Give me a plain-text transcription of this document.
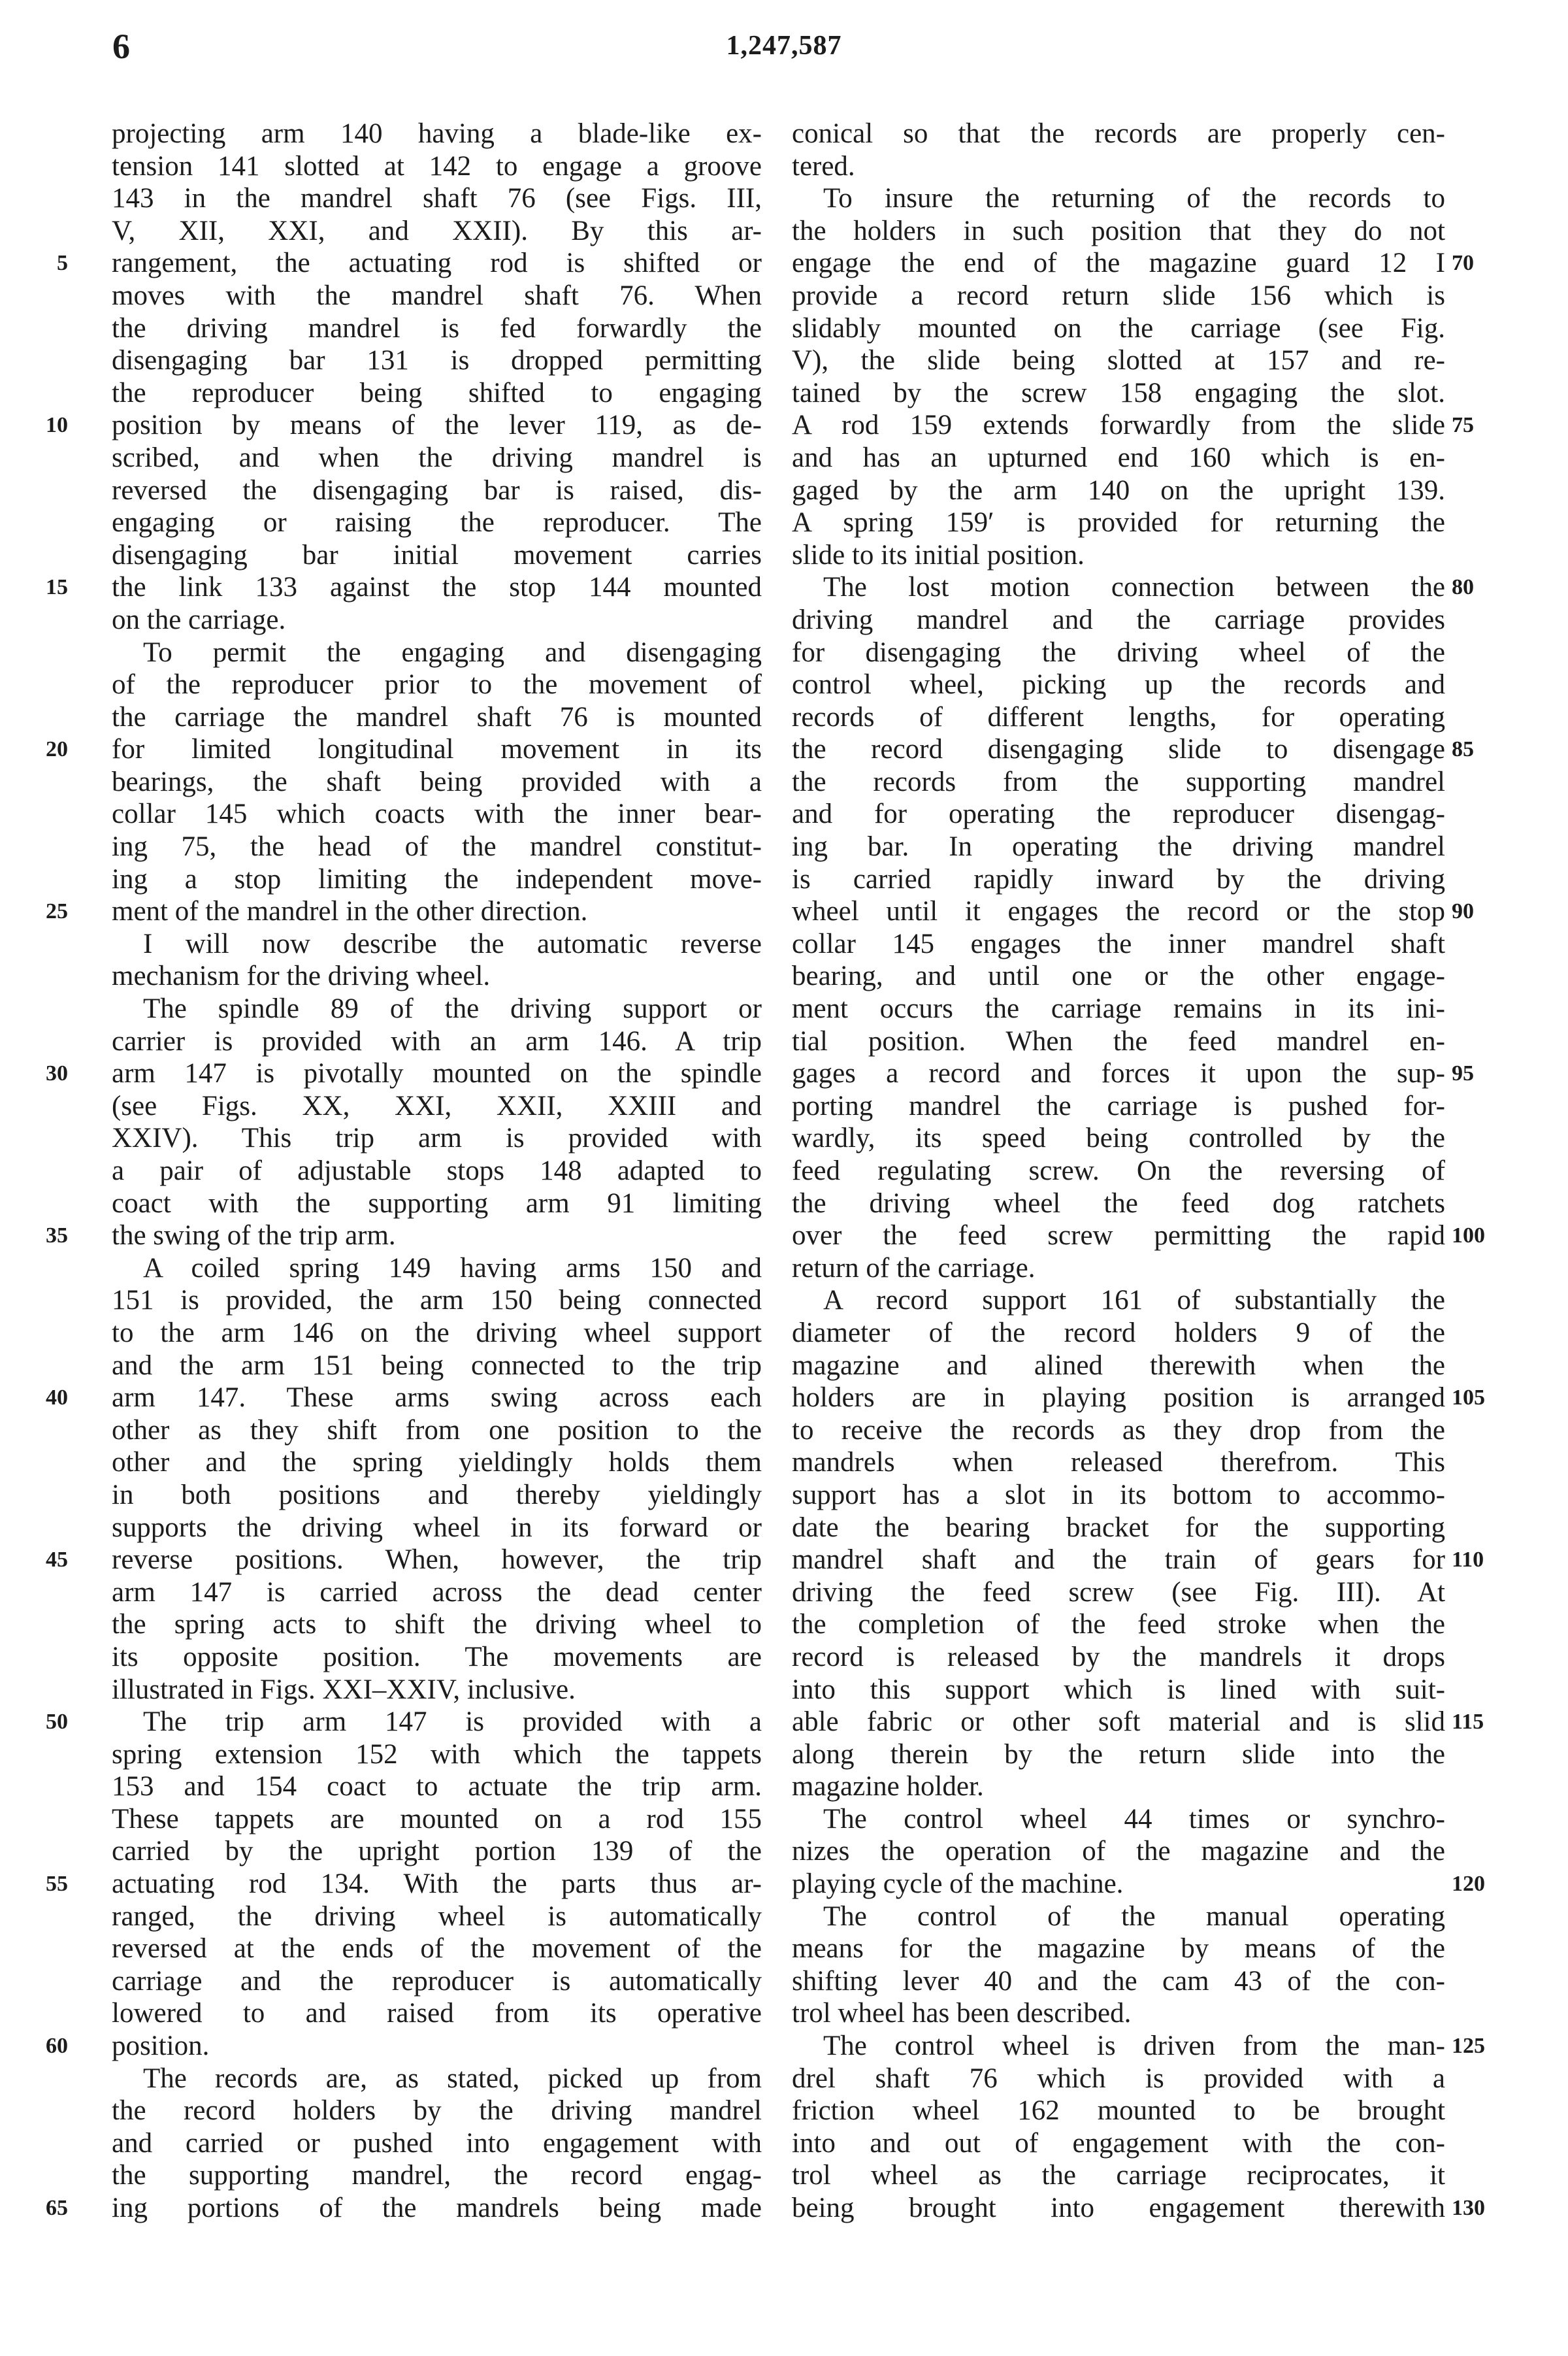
6	1,247,587
projecting arm 140 having a blade-like ex-
tension 141 slotted at 142 to engage a groove
143 in the mandrel shaft 76 (see Figs. III,
V, XII, XXI, and XXII). By this ar-
rangement, the actuating rod is shifted or
moves with the mandrel shaft 76. When
the driving mandrel is fed forwardly the
disengaging bar 131 is dropped permitting
the reproducer being shifted to engaging
position by means of the lever 119, as de-
scribed, and when the driving mandrel is
reversed the disengaging bar is raised, dis-
engaging or raising the reproducer. The
disengaging bar initial movement carries
the link 133 against the stop 144 mounted
on the carriage.
To permit the engaging and disengaging
of the reproducer prior to the movement of
the carriage the mandrel shaft 76 is mounted
for limited longitudinal movement in its
bearings, the shaft being provided with a
collar 145 which coacts with the inner bear-
ing 75, the head of the mandrel constitut-
ing a stop limiting the independent move-
ment of the mandrel in the other direction.
I will now describe the automatic reverse
mechanism for the driving wheel.
The spindle 89 of the driving support or
carrier is provided with an arm 146. A trip
arm 147 is pivotally mounted on the spindle
(see Figs. XX, XXI, XXII, XXIII and
XXIV). This trip arm is provided with
a pair of adjustable stops 148 adapted to
coact with the supporting arm 91 limiting
the swing of the trip arm.
A coiled spring 149 having arms 150 and
151 is provided, the arm 150 being connected
to the arm 146 on the driving wheel support
and the arm 151 being connected to the trip
arm 147. These arms swing across each
other as they shift from one position to the
other and the spring yieldingly holds them
in both positions and thereby yieldingly
supports the driving wheel in its forward or
reverse positions. When, however, the trip
arm 147 is carried across the dead center
the spring acts to shift the driving wheel to
its opposite position. The movements are
illustrated in Figs. XXI–XXIV, inclusive.
The trip arm 147 is provided with a
spring extension 152 with which the tappets
153 and 154 coact to actuate the trip arm.
These tappets are mounted on a rod 155
carried by the upright portion 139 of the
actuating rod 134. With the parts thus ar-
ranged, the driving wheel is automatically
reversed at the ends of the movement of the
carriage and the reproducer is automatically
lowered to and raised from its operative
position.
The records are, as stated, picked up from
the record holders by the driving mandrel
and carried or pushed into engagement with
the supporting mandrel, the record engag-
ing portions of the mandrels being made
conical so that the records are properly cen-
tered.
To insure the returning of the records to
the holders in such position that they do not
engage the end of the magazine guard 12 I
provide a record return slide 156 which is
slidably mounted on the carriage (see Fig.
V), the slide being slotted at 157 and re-
tained by the screw 158 engaging the slot.
A rod 159 extends forwardly from the slide
and has an upturned end 160 which is en-
gaged by the arm 140 on the upright 139.
A spring 159′ is provided for returning the
slide to its initial position.
The lost motion connection between the
driving mandrel and the carriage provides
for disengaging the driving wheel of the
control wheel, picking up the records and
records of different lengths, for operating
the record disengaging slide to disengage
the records from the supporting mandrel
and for operating the reproducer disengag-
ing bar. In operating the driving mandrel
is carried rapidly inward by the driving
wheel until it engages the record or the stop
collar 145 engages the inner mandrel shaft
bearing, and until one or the other engage-
ment occurs the carriage remains in its ini-
tial position. When the feed mandrel en-
gages a record and forces it upon the sup-
porting mandrel the carriage is pushed for-
wardly, its speed being controlled by the
feed regulating screw. On the reversing of
the driving wheel the feed dog ratchets
over the feed screw permitting the rapid
return of the carriage.
A record support 161 of substantially the
diameter of the record holders 9 of the
magazine and alined therewith when the
holders are in playing position is arranged
to receive the records as they drop from the
mandrels when released therefrom. This
support has a slot in its bottom to accommo-
date the bearing bracket for the supporting
mandrel shaft and the train of gears for
driving the feed screw (see Fig. III). At
the completion of the feed stroke when the
record is released by the mandrels it drops
into this support which is lined with suit-
able fabric or other soft material and is slid
along therein by the return slide into the
magazine holder.
The control wheel 44 times or synchro-
nizes the operation of the magazine and the
playing cycle of the machine.
The control of the manual operating
means for the magazine by means of the
shifting lever 40 and the cam 43 of the con-
trol wheel has been described.
The control wheel is driven from the man-
drel shaft 76 which is provided with a
friction wheel 162 mounted to be brought
into and out of engagement with the con-
trol wheel as the carriage reciprocates, it
being brought into engagement therewith
5
10
15
20
25
30
35
40
45
50
55
60
65
70
75
80
85
90
95
100
105
110
115
120
125
130
